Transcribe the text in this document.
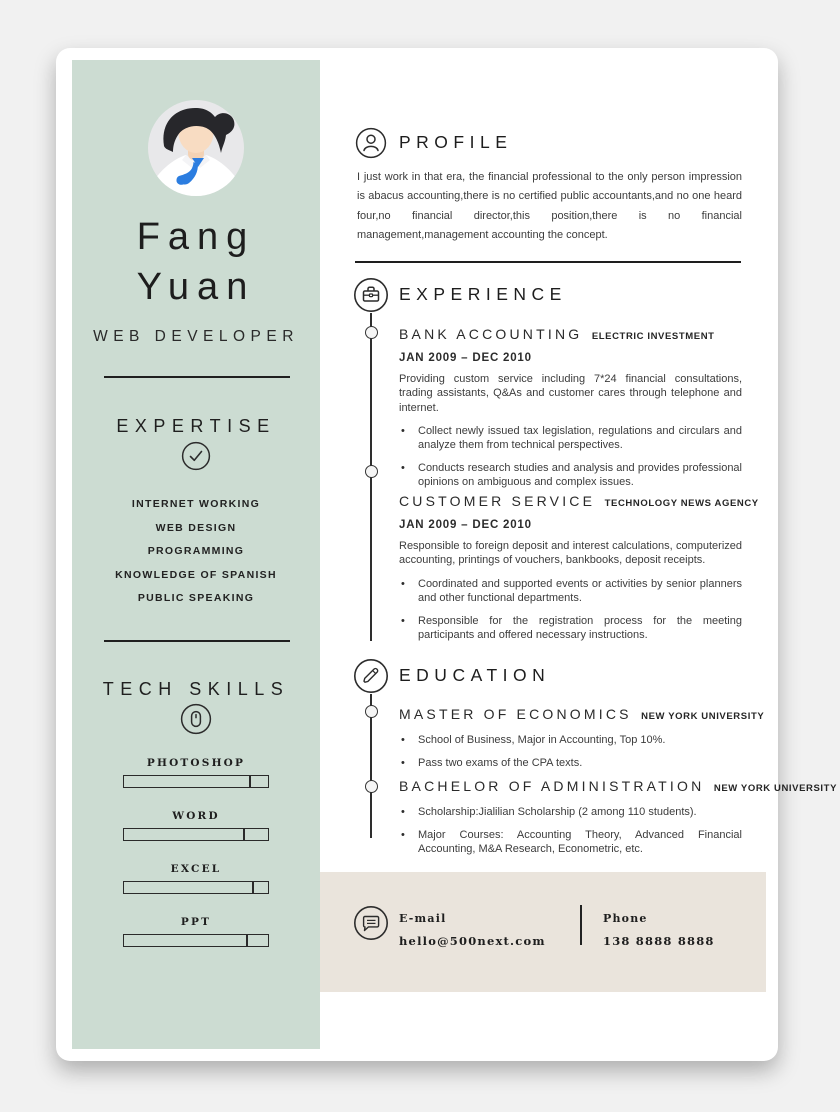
Fang
Yuan
WEB DEVELOPER
EXPERTISE
INTERNET WORKING
WEB DESIGN
PROGRAMMING
KNOWLEDGE OF SPANISH
PUBLIC SPEAKING
TECH SKILLS
PHOTOSHOP
WORD
EXCEL
PPT
PROFILE

I just work in that era, the financial professional to the only person impression is abacus accounting,there is no certified public accountants,and no one heard four,no financial director,this position,there is no financial management,management accounting the concept.

EXPERIENCE
BANK ACCOUNTING ELECTRIC INVESTMENT
JAN 2009 – DEC 2010

Providing custom service including 7*24 financial consultations, trading assistants, Q&As and customer cares through telephone and internet.

• Collect newly issued tax legislation, regulations and circulars and analyze them from technical perspectives.
• Conducts research studies and analysis and provides professional opinions on ambiguous and complex issues.
CUSTOMER SERVICE TECHNOLOGY NEWS AGENCY
JAN 2009 – DEC 2010

Responsible to foreign deposit and interest calculations, computerized accounting, printings of vouchers, bankbooks, deposit receipts.

• Coordinated and supported events or activities by senior planners and other functional departments.
• Responsible for the registration process for the meeting participants and offered necessary instructions.
EDUCATION
MASTER OF ECONOMICS NEW YORK UNIVERSITY
• School of Business, Major in Accounting, Top 10%.
• Pass two exams of the CPA texts.
BACHELOR OF ADMINISTRATION NEW YORK UNIVERSITY
• Scholarship:Jialilian Scholarship (2 among 110 students).
• Major Courses: Accounting Theory, Advanced Financial Accounting, M&A Research, Econometric, etc.
E-mail
hello@500next.com
Phone
138 8888 8888
